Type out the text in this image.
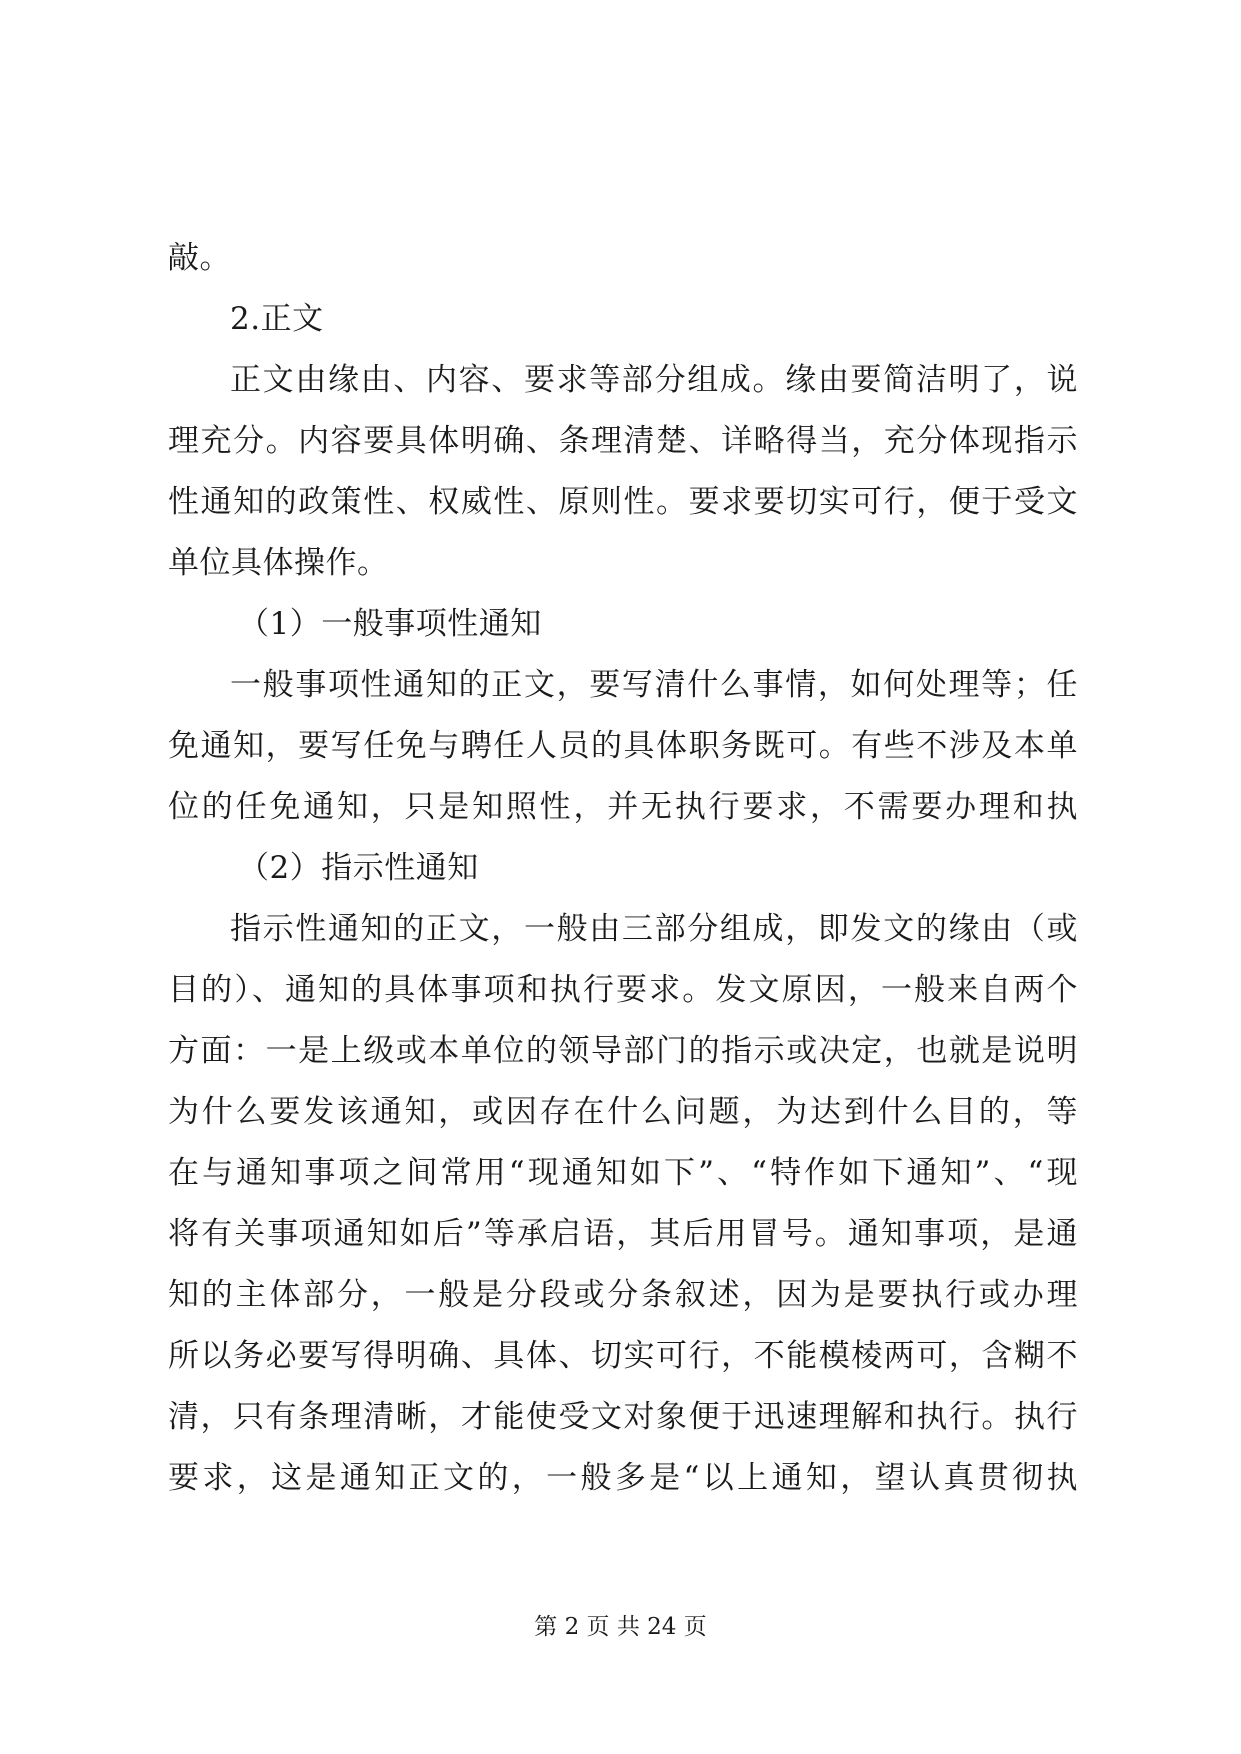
敲。
2.正文
正文由缘由、内容、要求等部分组成。缘由要简洁明了，说
理充分。内容要具体明确、条理清楚、详略得当，充分体现指示
性通知的政策性、权威性、原则性。要求要切实可行，便于受文
单位具体操作。
（1）一般事项性通知
一般事项性通知的正文，要写清什么事情，如何处理等；任
免通知，要写任免与聘任人员的具体职务既可。有些不涉及本单
位的任免通知，只是知照性，并无执行要求，不需要办理和执
（2）指示性通知
指示性通知的正文，一般由三部分组成，即发文的缘由（或
目的）、通知的具体事项和执行要求。发文原因，一般来自两个
方面：一是上级或本单位的领导部门的指示或决定，也就是说明
为什么要发该通知，或因存在什么问题，为达到什么目的，等
在与通知事项之间常用“现通知如下”、“特作如下通知”、“现
将有关事项通知如后”等承启语，其后用冒号。通知事项，是通
知的主体部分，一般是分段或分条叙述，因为是要执行或办理
所以务必要写得明确、具体、切实可行，不能模棱两可，含糊不
清，只有条理清晰，才能使受文对象便于迅速理解和执行。执行
要求，这是通知正文的，一般多是“以上通知，望认真贯彻执
第 2 页 共 24 页
